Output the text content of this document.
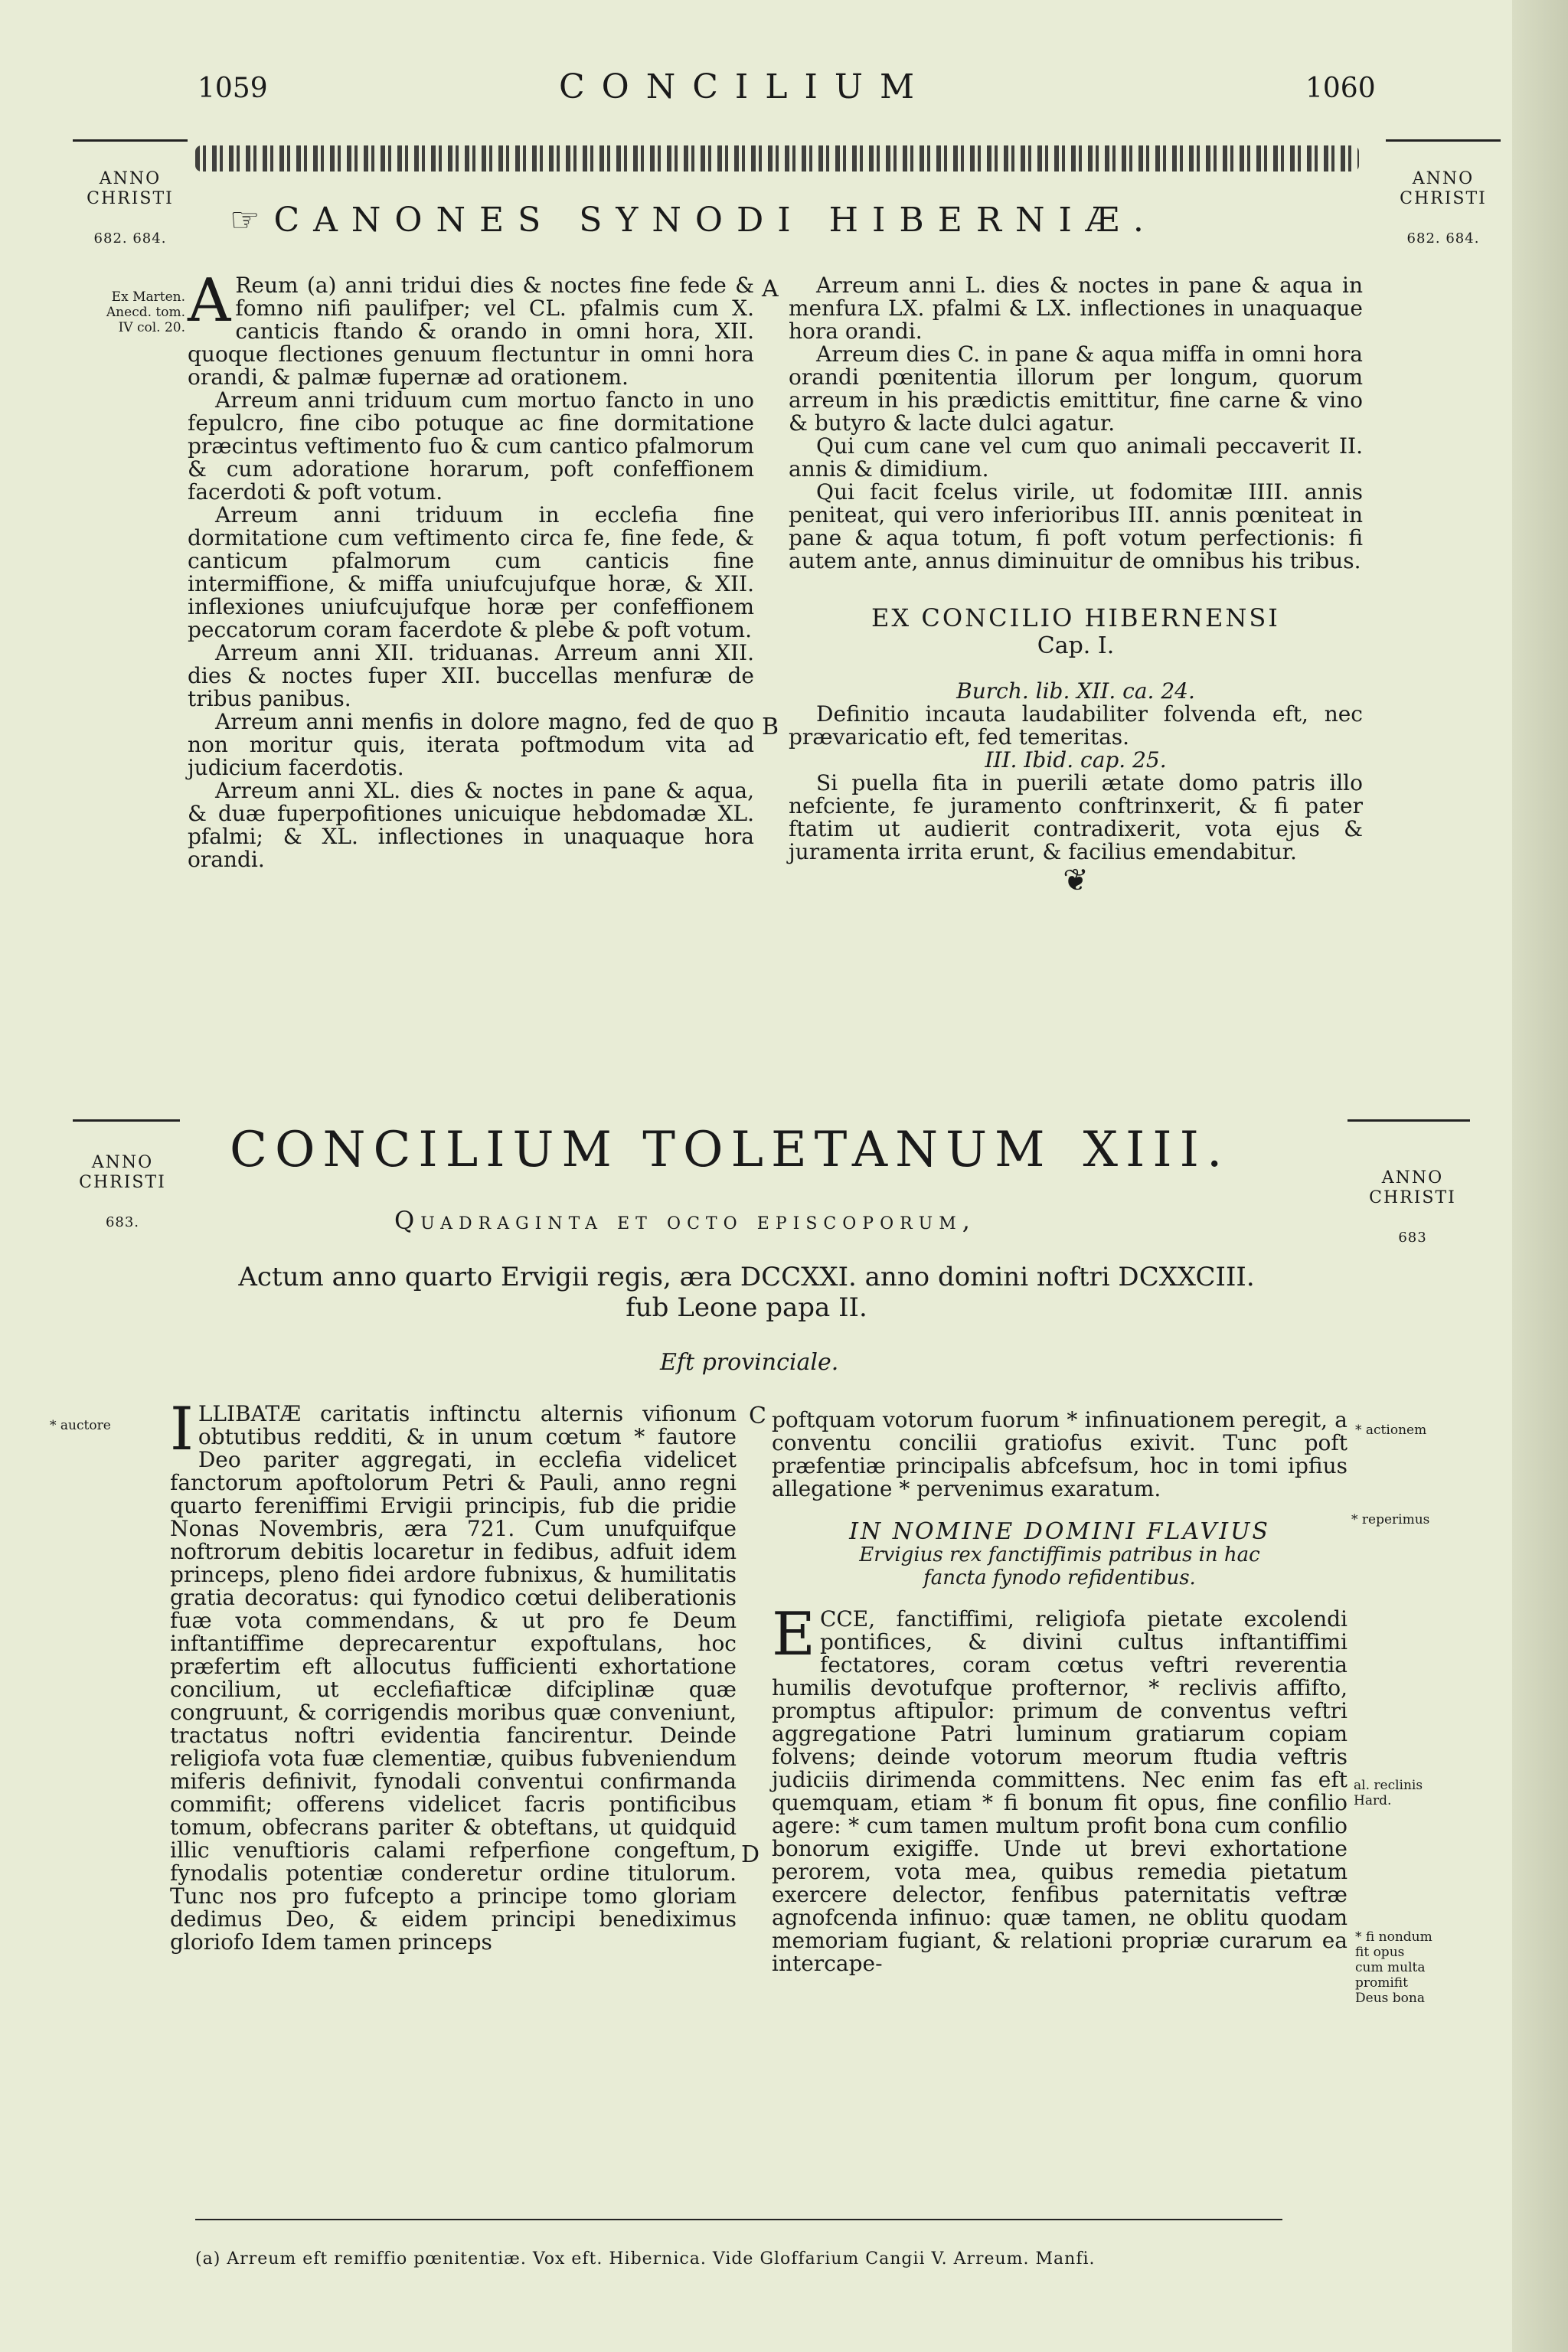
1059	CONCILIUM	1060

ANNO
CHRISTI

682. 684.

ANNO
CHRISTI

682. 684.

☞ CANONES SYNODI HIBERNIÆ.
Ex Marten.
Anecd. tom.
IV col. 20. A Reum (a) anni tridui dies & noctes fine fede & fomno nifi paulifper; vel CL. pfalmis cum X. canticis ftando & orando in omni hora, XII. quoque flectiones genuum flectuntur in omni hora orandi, & palmæ fupernæ ad orationem.

Arreum anni triduum cum mortuo fancto in uno fepulcro, fine cibo potuque ac fine dormitatione præcintus veftimento fuo & cum cantico pfalmorum & cum adoratione horarum, poft confeffionem facerdoti & poft votum.

Arreum anni triduum in ecclefia fine dormitatione cum veftimento circa fe, fine fede, & canticum pfalmorum cum canticis fine intermiffione, & miffa uniufcujufque horæ, & XII. inflexiones uniufcujufque horæ per confeffionem peccatorum coram facerdote & plebe & poft votum.

Arreum anni XII. triduanas. Arreum anni XII. dies & noctes fuper XII. buccellas menfuræ de tribus panibus.

Arreum anni menfis in dolore magno, fed de quo non moritur quis, iterata poftmodum vita ad judicium facerdotis.

Arreum anni XL. dies & noctes in pane & aqua, & duæ fuperpofitiones unicuique hebdomadæ XL. pfalmi; & XL. inflectiones in unaquaque hora orandi.

A
B

Arreum anni L. dies & noctes in pane & aqua in menfura LX. pfalmi & LX. inflectiones in unaquaque hora orandi.

Arreum dies C. in pane & aqua miffa in omni hora orandi pœnitentia illorum per longum, quorum arreum in his prædictis emittitur, fine carne & vino & butyro & lacte dulci agatur.

Qui cum cane vel cum quo animali peccaverit II. annis & dimidium.

Qui facit fcelus virile, ut fodomitæ IIII. annis peniteat, qui vero inferioribus III. annis pœniteat in pane & aqua totum, fi poft votum perfectionis: fi autem ante, annus diminuitur de omnibus his tribus.

EX CONCILIO HIBERNENSI
Cap. I.
Burch. lib. XII. ca. 24.

Definitio incauta laudabiliter folvenda eft, nec prævaricatio eft, fed temeritas.

III. Ibid. cap. 25.

Si puella fita in puerili ætate domo patris illo nefciente, fe juramento conftrinxerit, & fi pater ftatim ut audierit contradixerit, vota ejus & juramenta irrita erunt, & facilius emendabitur.

❦

ANNO
CHRISTI

683.

ANNO
CHRISTI

683

CONCILIUM TOLETANUM XIII.
Quadraginta et octo episcoporum,
Actum anno quarto Ervigii regis, æra DCCXXI. anno domini noftri DCXXCIII.
fub Leone papa II.
Eft provinciale.
* auctore	* actionem
* reperimus
al. reclinis
Hard.
* fi nondum
fit opus
cum multa
promifit
Deus bona
C
D

ILLIBATÆ caritatis inftinctu alternis vifionum obtutibus redditi, & in unum cœtum * fautore Deo pariter aggregati, in ecclefia videlicet fanctorum apoftolorum Petri & Pauli, anno regni quarto fereniffimi Ervigii principis, fub die pridie Nonas Novembris, æra 721. Cum unufquifque noftrorum debitis locaretur in fedibus, adfuit idem princeps, pleno fidei ardore fubnixus, & humilitatis gratia decoratus: qui fynodico cœtui deliberationis fuæ vota commendans, & ut pro fe Deum inftantiffime deprecarentur expoftulans, hoc præfertim eft allocutus fufficienti exhortatione concilium, ut ecclefiafticæ difciplinæ quæ congruunt, & corrigendis moribus quæ conveniunt, tractatus noftri evidentia fancirentur. Deinde religiofa vota fuæ clementiæ, quibus fubveniendum miferis definivit, fynodali conventui confirmanda commifit; offerens videlicet facris pontificibus tomum, obfecrans pariter & obteftans, ut quidquid illic venuftioris calami refperfione congeftum, fynodalis potentiæ conderetur ordine titulorum. Tunc nos pro fufcepto a principe tomo gloriam dedimus Deo, & eidem principi benediximus gloriofo Idem tamen princeps

poftquam votorum fuorum * infinuationem peregit, a conventu concilii gratiofus exivit. Tunc poft præfentiæ principalis abfcefsum, hoc in tomi ipfius allegatione * pervenimus exaratum.

IN NOMINE DOMINI FLAVIUS
Ervigius rex fanctiffimis patribus in hac
fancta fynodo refidentibus.

ECCE, fanctiffimi, religiofa pietate excolendi pontifices, & divini cultus inftantiffimi fectatores, coram cœtus veftri reverentia humilis devotufque profternor, * reclivis affifto, promptus aftipulor: primum de conventus veftri aggregatione Patri luminum gratiarum copiam folvens; deinde votorum meorum ftudia veftris judiciis dirimenda committens. Nec enim fas eft quemquam, etiam * fi bonum fit opus, fine confilio agere: * cum tamen multum profit bona cum confilio bonorum exigiffe. Unde ut brevi exhortatione perorem, vota mea, quibus remedia pietatum exercere delector, fenfibus paternitatis veftræ agnofcenda infinuo: quæ tamen, ne oblitu quodam memoriam fugiant, & relationi propriæ curarum ea intercape-

(a) Arreum eft remiffio pœnitentiæ. Vox eft. Hibernica. Vide Gloffarium Cangii V. Arreum. Manfi.
